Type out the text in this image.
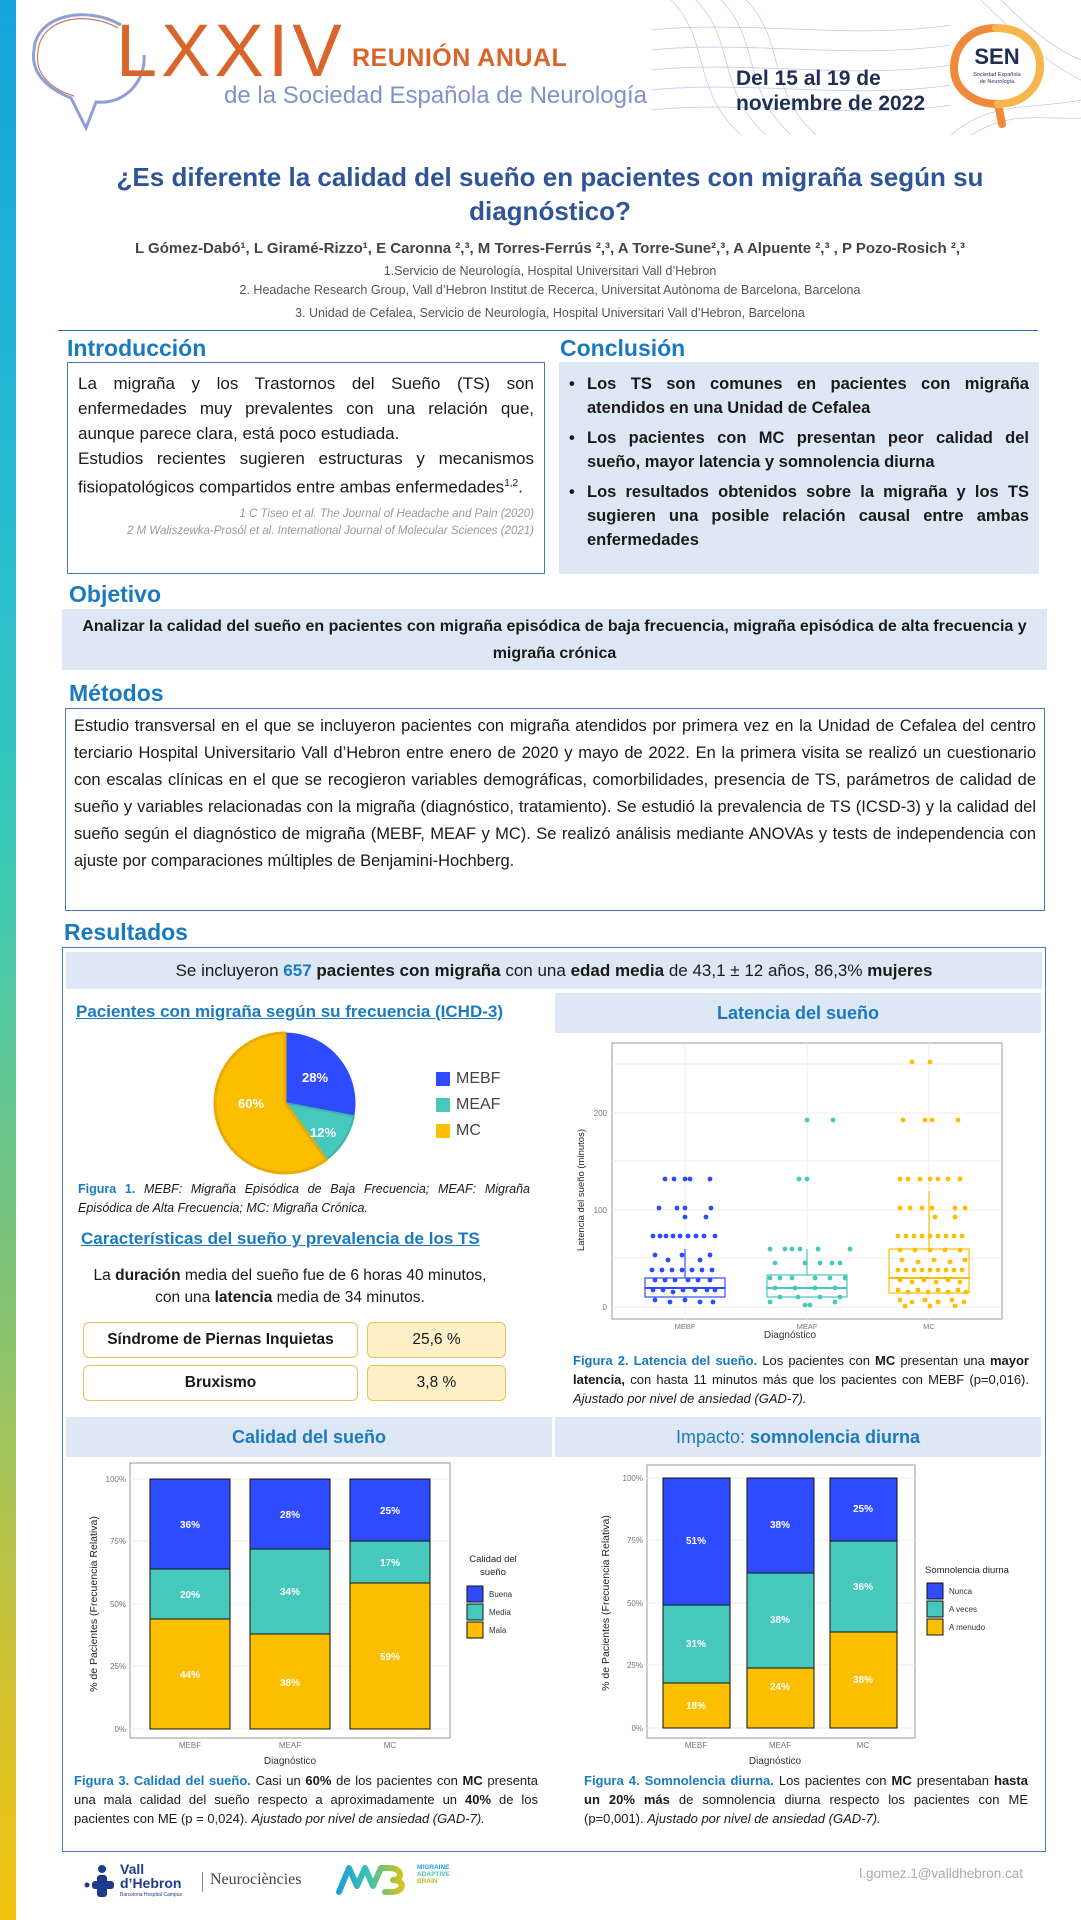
LXXIV REUNIÓN ANUAL
de la Sociedad Española de Neurología
Del 15 al 19 de
noviembre de 2022
SEN
Sociedad Española
de Neurología
¿Es diferente la calidad del sueño en pacientes con migraña según su
diagnóstico?
L Gómez-Dabó¹, L Giramé-Rizzo¹, E Caronna ²,³, M Torres-Ferrús ²,³, A Torre-Sune²,³, A Alpuente ²,³ , P Pozo-Rosich ²,³
1.Servicio de Neurología, Hospital Universitari Vall d’Hebron
2. Headache Research Group, Vall d’Hebron Institut de Recerca, Universitat Autònoma de Barcelona, Barcelona
3. Unidad de Cefalea, Servicio de Neurología, Hospital Universitari Vall d’Hebron, Barcelona
Introducción
La migraña y los Trastornos del Sueño (TS) son enfermedades muy prevalentes con una relación que, aunque parece clara, está poco estudiada.
Estudios recientes sugieren estructuras y mecanismos fisiopatológicos compartidos entre ambas enfermedades$^{1,2}$.
1 C Tiseo et al. The Journal of Headache and Pain (2020)
2 M Waliszewka-Prosól et al. International Journal of Molecular Sciences (2021)
Conclusión
• Los TS son comunes en pacientes con migraña atendidos en una Unidad de Cefalea
• Los pacientes con MC presentan peor calidad del sueño, mayor latencia y somnolencia diurna
• Los resultados obtenidos sobre la migraña y los TS sugieren una posible relación causal entre ambas enfermedades
Objetivo
Analizar la calidad del sueño en pacientes con migraña episódica de baja frecuencia, migraña episódica de alta frecuencia y migraña crónica
Métodos
Estudio transversal en el que se incluyeron pacientes con migraña atendidos por primera vez en la Unidad de Cefalea del centro terciario Hospital Universitario Vall d’Hebron entre enero de 2020 y mayo de 2022. En la primera visita se realizó un cuestionario con escalas clínicas en el que se recogieron variables demográficas, comorbilidades, presencia de TS, parámetros de calidad de sueño y variables relacionadas con la migraña (diagnóstico, tratamiento). Se estudió la prevalencia de TS (ICSD-3) y la calidad del sueño según el diagnóstico de migraña (MEBF, MEAF y MC). Se realizó análisis mediante ANOVAs y tests de independencia con ajuste por comparaciones múltiples de Benjamini-Hochberg.
Resultados
Se incluyeron 657 pacientes con migraña con una edad media de 43,1 ± 12 años, 86,3% mujeres
Pacientes con migraña según su frecuencia (ICHD-3)
28%
12%
60%
MEBF
MEAF
MC
Figura 1. MEBF: Migraña Episódica de Baja Frecuencia; MEAF: Migraña Episódica de Alta Frecuencia; MC: Migraña Crónica.
Características del sueño y prevalencia de los TS
La duración media del sueño fue de 6 horas 40 minutos,
con una latencia media de 34 minutos.
Síndrome de Piernas Inquietas	25,6 %
Bruxismo	3,8 %
Latencia del sueño
0
100
200
Latencia del sueño (minutos)
MEBF	MEAF	MC
Diagnóstico
Figura 2. Latencia del sueño. Los pacientes con MC presentan una mayor latencia, con hasta 11 minutos más que los pacientes con MEBF (p=0,016). Ajustado por nivel de ansiedad (GAD-7).
Calidad del sueño
100%
75%
50%
25%
0%
% de Pacientes (Frecuencia Relativa)	36%
20%
44%
28%
34%
38%
25%
17%
59%
MEBF	MEAF	MC
Calidad del
sueño
Buena
Media
Mala
Diagnóstico
Figura 3. Calidad del sueño. Casi un 60% de los pacientes con MC presenta una mala calidad del sueño respecto a aproximadamente un 40% de los pacientes con ME (p = 0,024). Ajustado por nivel de ansiedad (GAD-7).
Impacto: somnolencia diurna
100%
75%
50%
25%
0%
% de Pacientes (Frecuencia Relativa)	51%
31%
18%
38%
38%
24%
25%
36%
38%
MEBF	MEAF	MC
Somnolencia diurna
Nunca
A veces
A menudo
Diagnóstico
Figura 4. Somnolencia diurna. Los pacientes con MC presentaban hasta un 20% más de somnolencia diurna respecto los pacientes con ME (p=0,001). Ajustado por nivel de ansiedad (GAD-7).
Vall
d’Hebron
Barcelona Hospital Campus
Neurociències
MIGRAINE
ADAPTIVE
BRAIN
l.gomez.1@valldhebron.cat
